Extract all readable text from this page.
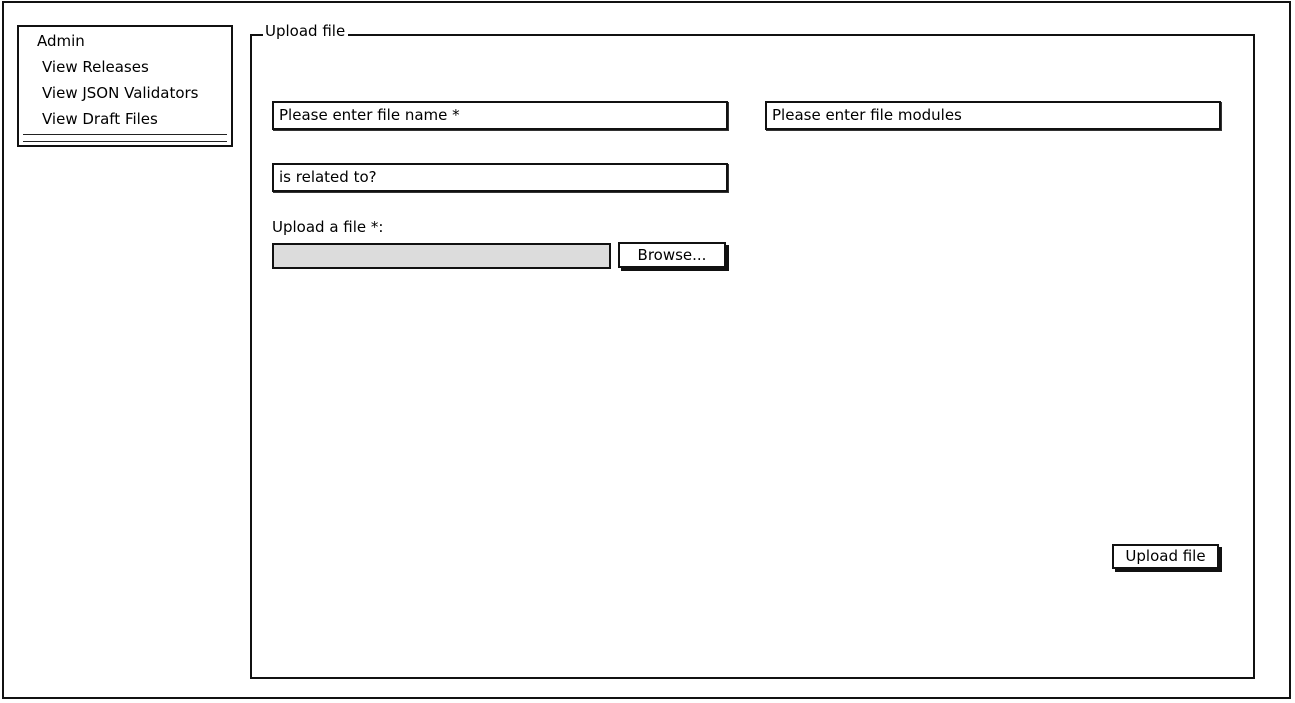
Admin
View Releases
View JSON Validators
View Draft Files
Upload file
Please enter file name *	Please enter file modules
is related to?
Upload a file *:
Browse...
Upload file
